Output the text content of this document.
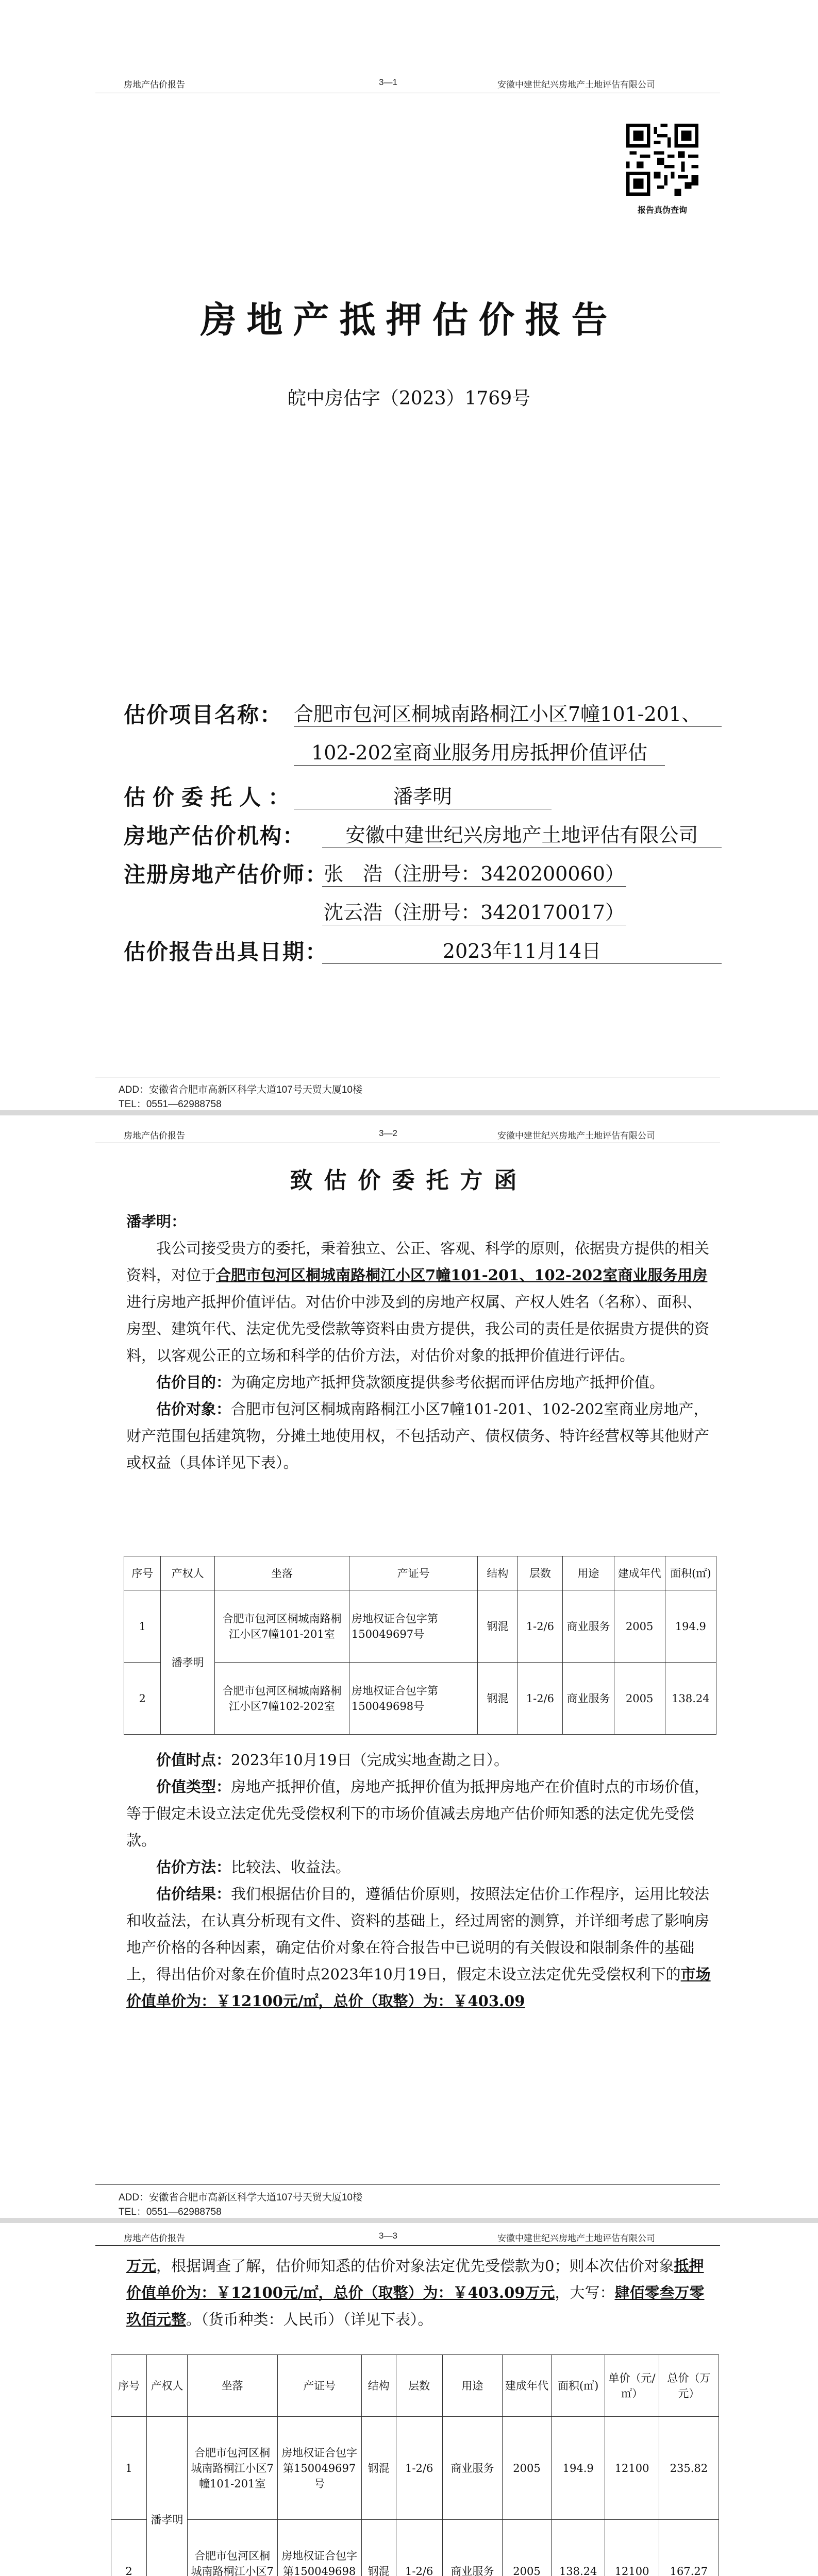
房地产估价报告	3—1	安徽中建世纪兴房地产土地评估有限公司
报告真伪查询
房地产抵押估价报告
皖中房估字（2023）1769号
估价项目名称： 合肥市包河区桐城南路桐江小区7幢101-201、
102-202室商业服务用房抵押价值评估
估价委托人：	潘孝明
房地产估价机构：	安徽中建世纪兴房地产土地评估有限公司
注册房地产估价师：
张　浩（注册号：3420200060）
沈云浩（注册号：3420170017）
估价报告出具日期：	2023年11月14日
ADD：安徽省合肥市高新区科学大道107号天贸大厦10楼
TEL：0551—62988758
房地产估价报告	3—2	安徽中建世纪兴房地产土地评估有限公司
致估价委托方函

潘孝明：

我公司接受贵方的委托，秉着独立、公正、客观、科学的原则，依据贵方提供的相关资料，对位于合肥市包河区桐城南路桐江小区7幢101-201、102-202室商业服务用房进行房地产抵押价值评估。对估价中涉及到的房地产权属、产权人姓名（名称）、面积、房型、建筑年代、法定优先受偿款等资料由贵方提供，我公司的责任是依据贵方提供的资料，以客观公正的立场和科学的估价方法，对估价对象的抵押价值进行评估。

估价目的：为确定房地产抵押贷款额度提供参考依据而评估房地产抵押价值。

估价对象：合肥市包河区桐城南路桐江小区7幢101-201、102-202室商业房地产，财产范围包括建筑物，分摊土地使用权，不包括动产、债权债务、特许经营权等其他财产或权益（具体详见下表）。

序号	产权人	坐落	产证号	结构	层数	用途	建成年代	面积(㎡)
1	潘孝明	合肥市包河区桐城南路桐江小区7幢101-201室	房地权证合包字第150049697号	钢混	1-2/6	商业服务	2005	194.9
2		合肥市包河区桐城南路桐江小区7幢102-202室	房地权证合包字第150049698号	钢混	1-2/6	商业服务	2005	138.24

价值时点：2023年10月19日（完成实地查勘之日）。

价值类型：房地产抵押价值，房地产抵押价值为抵押房地产在价值时点的市场价值，等于假定未设立法定优先受偿权利下的市场价值减去房地产估价师知悉的法定优先受偿款。

估价方法：比较法、收益法。

估价结果：我们根据估价目的，遵循估价原则，按照法定估价工作程序，运用比较法和收益法，在认真分析现有文件、资料的基础上，经过周密的测算，并详细考虑了影响房地产价格的各种因素，确定估价对象在符合报告中已说明的有关假设和限制条件的基础上，得出估价对象在价值时点2023年10月19日，假定未设立法定优先受偿权利下的市场价值单价为：￥12100元/㎡，总价（取整）为：￥403.09

ADD：安徽省合肥市高新区科学大道107号天贸大厦10楼
TEL：0551—62988758
房地产估价报告	3—3	安徽中建世纪兴房地产土地评估有限公司

万元，根据调查了解，估价师知悉的估价对象法定优先受偿款为0；则本次估价对象抵押价值单价为：￥12100元/㎡，总价（取整）为：￥403.09万元，大写：肆佰零叁万零玖佰元整。（货币种类：人民币）（详见下表）。

序号	产权人	坐落	产证号	结构	层数	用途	建成年代	面积(㎡)	单价（元/㎡）	总价（万元）
1	潘孝明	合肥市包河区桐城南路桐江小区7幢101-201室	房地权证合包字第150049697号	钢混	1-2/6	商业服务	2005	194.9	12100	235.82
2		合肥市包河区桐城南路桐江小区7	房地权证合包字第150049698	钢混	1-2/6	商业服务	2005	138.24	12100	167.27
